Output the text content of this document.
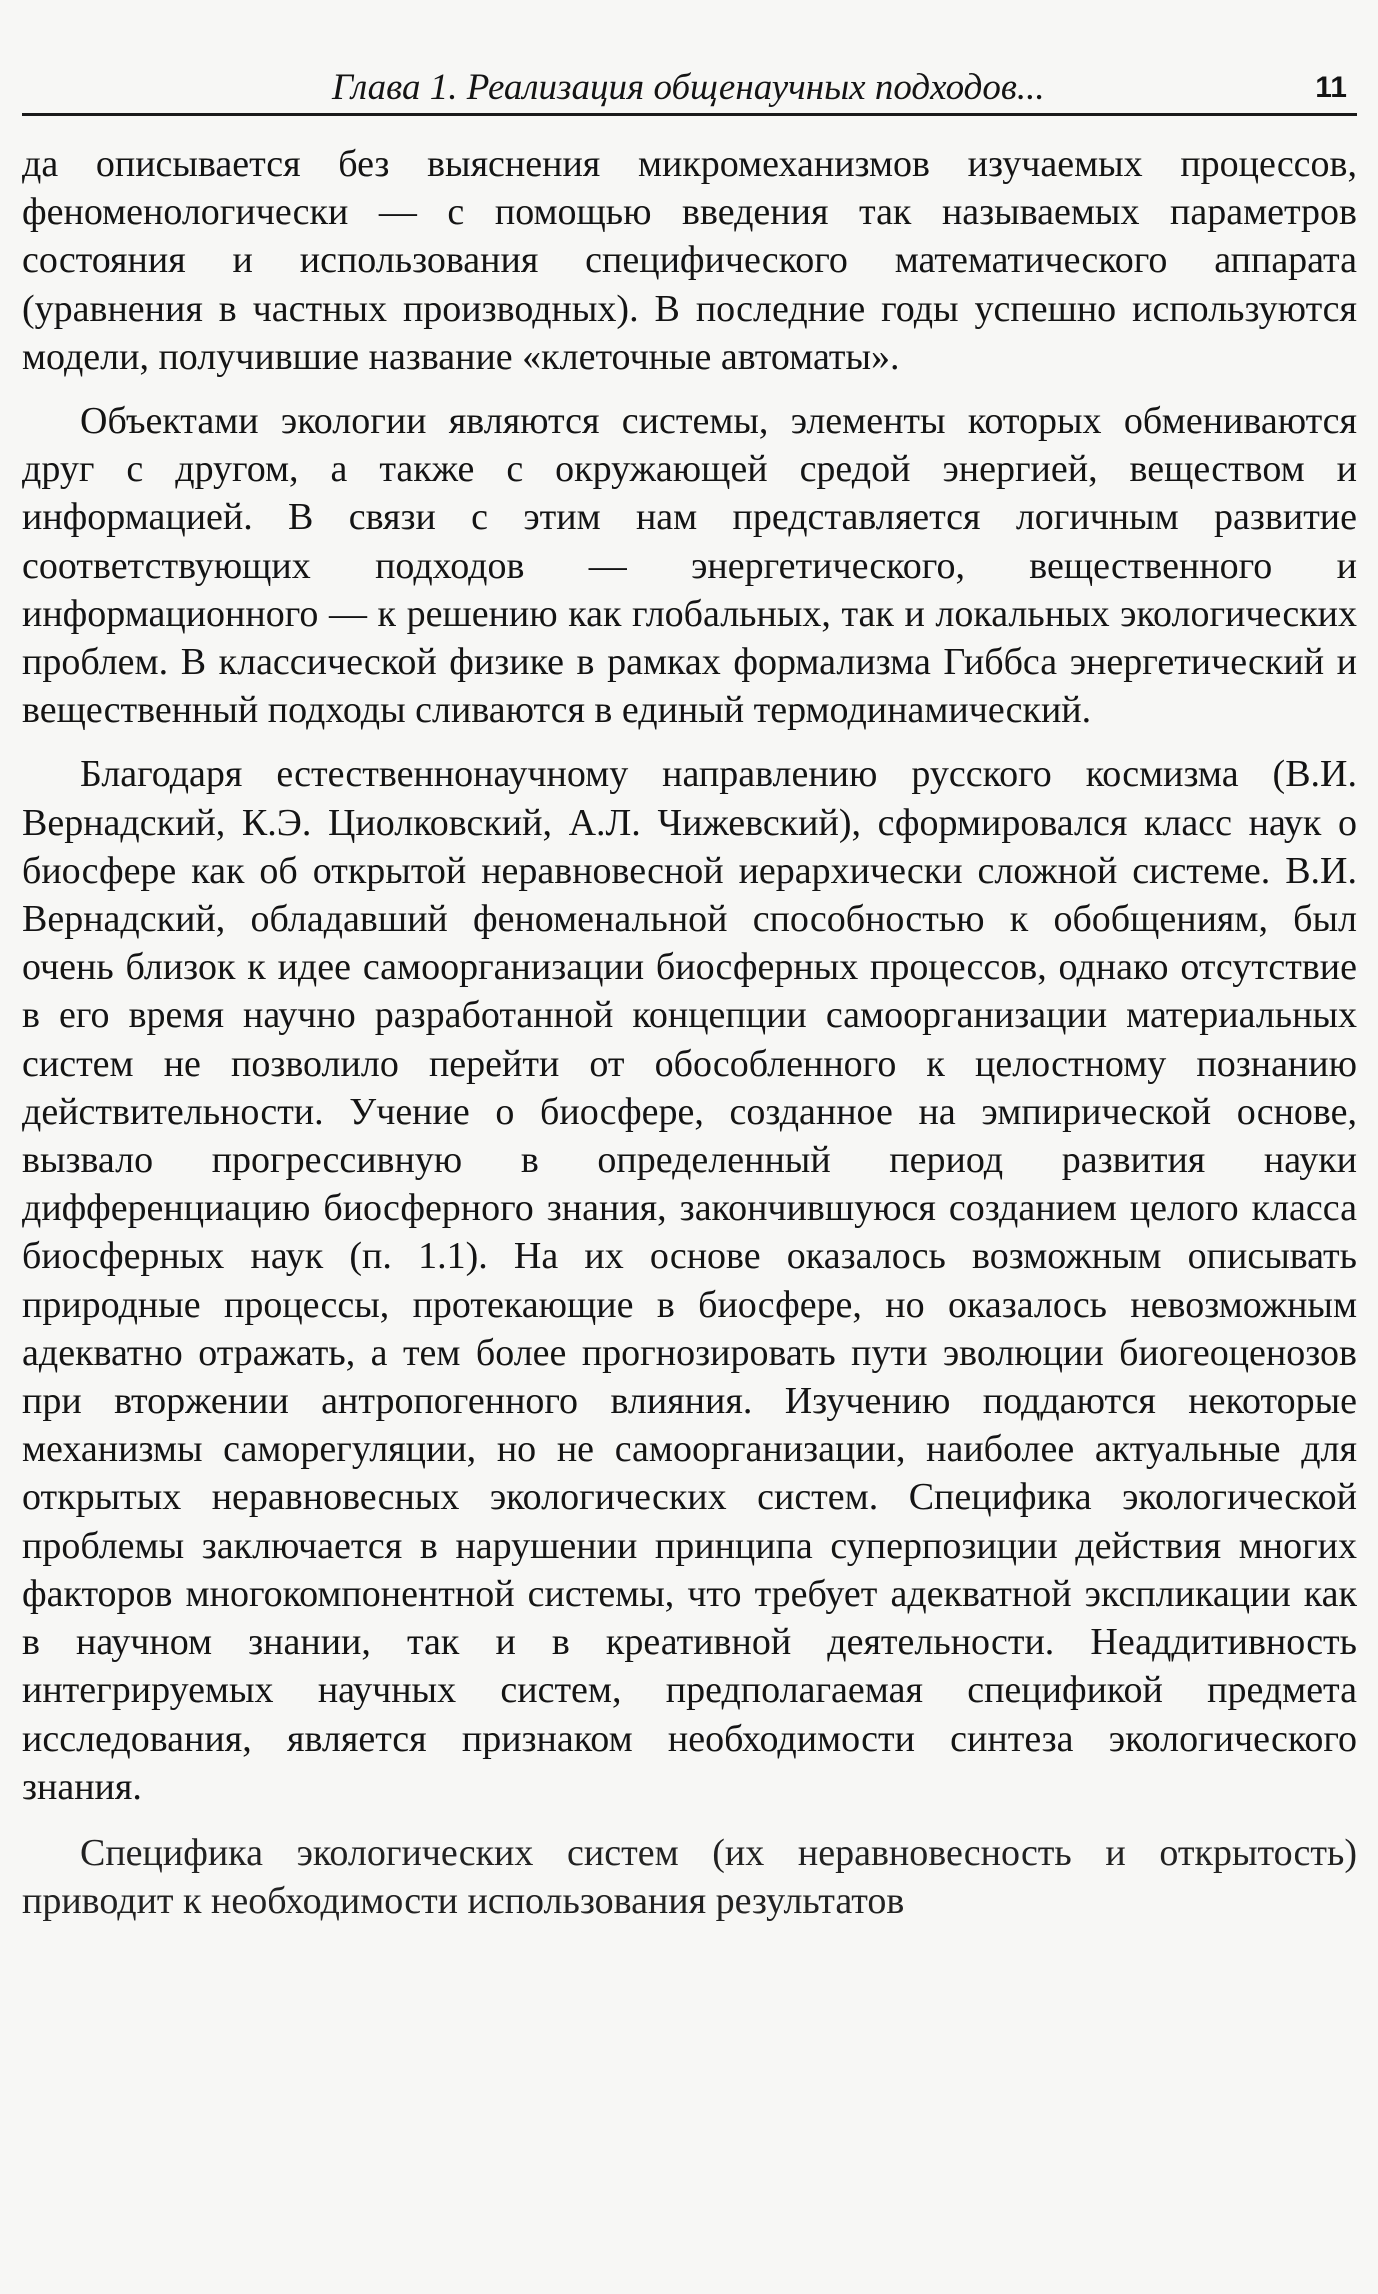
Глава 1. Реализация общенаучных подходов...	11

да описывается без выяснения микромеханизмов изучаемых процессов, феноменологически — с помощью введения так называемых параметров состояния и использования специфического математического аппарата (уравнения в частных производных). В последние годы успешно используются модели, получившие название «клеточные автоматы».

Объектами экологии являются системы, элементы которых обмениваются друг с другом, а также с окружающей средой энергией, веществом и информацией. В связи с этим нам представляется логичным развитие соответствующих подходов — энергетического, вещественного и информационного — к решению как глобальных, так и локальных экологических проблем. В классической физике в рамках формализма Гиббса энергетический и вещественный подходы сливаются в единый термодинамический.

Благодаря естественнонаучному направлению русского космизма (В.И. Вернадский, К.Э. Циолковский, А.Л. Чижевский), сформировался класс наук о биосфере как об открытой неравновесной иерархически сложной системе. В.И. Вернадский, обладавший феноменальной способностью к обобщениям, был очень близок к идее самоорганизации биосферных процессов, однако отсутствие в его время научно разработанной концепции самоорганизации материальных систем не позволило перейти от обособленного к целостному познанию действительности. Учение о биосфере, созданное на эмпирической основе, вызвало прогрессивную в определенный период развития науки дифференциацию биосферного знания, закончившуюся созданием целого класса биосферных наук (п. 1.1). На их основе оказалось возможным описывать природные процессы, протекающие в биосфере, но оказалось невозможным адекватно отражать, а тем более прогнозировать пути эволюции биогеоценозов при вторжении антропогенного влияния. Изучению поддаются некоторые механизмы саморегуляции, но не самоорганизации, наиболее актуальные для открытых неравновесных экологических систем. Специфика экологической проблемы заключается в нарушении принципа суперпозиции действия многих факторов многокомпонентной системы, что требует адекватной экспликации как в научном знании, так и в креативной деятельности. Неаддитивность интегрируемых научных систем, предполагаемая спецификой предмета исследования, является признаком необходимости синтеза экологического знания.

Специфика экологических систем (их неравновесность и открытость) приводит к необходимости использования результатов
